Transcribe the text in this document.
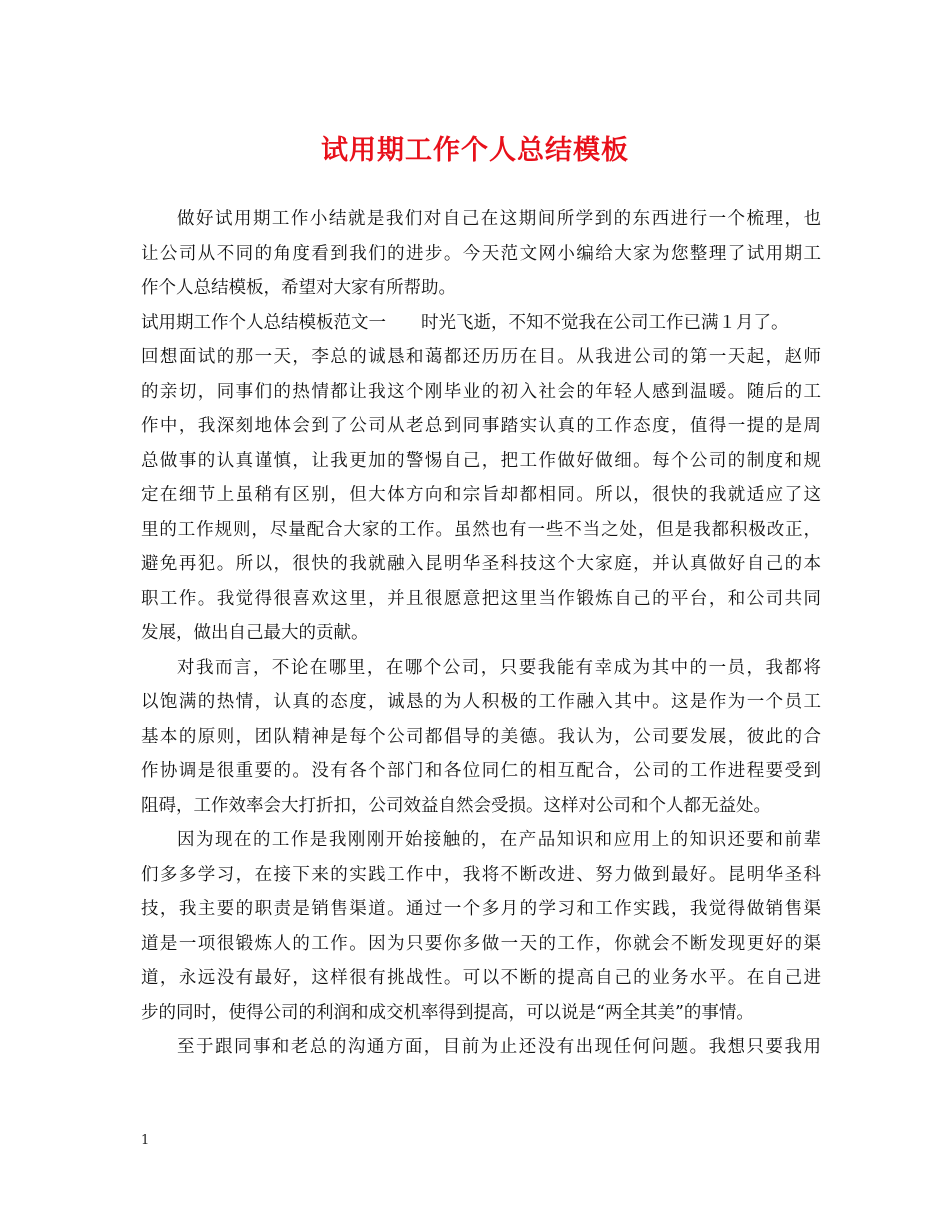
试用期工作个人总结模板
做好试用期工作小结就是我们对自己在这期间所学到的东西进行一个梳理，也
让公司从不同的角度看到我们的进步。今天范文网小编给大家为您整理了试用期工
作个人总结模板，希望对大家有所帮助。
试用期工作个人总结模板范文一　　时光飞逝，不知不觉我在公司工作已满１月了。
回想面试的那一天，李总的诚恳和蔼都还历历在目。从我进公司的第一天起，赵师
的亲切，同事们的热情都让我这个刚毕业的初入社会的年轻人感到温暖。随后的工
作中，我深刻地体会到了公司从老总到同事踏实认真的工作态度，值得一提的是周
总做事的认真谨慎，让我更加的警惕自己，把工作做好做细。每个公司的制度和规
定在细节上虽稍有区别，但大体方向和宗旨却都相同。所以，很快的我就适应了这
里的工作规则，尽量配合大家的工作。虽然也有一些不当之处，但是我都积极改正，
避免再犯。所以，很快的我就融入昆明华圣科技这个大家庭，并认真做好自己的本
职工作。我觉得很喜欢这里，并且很愿意把这里当作锻炼自己的平台，和公司共同
发展，做出自己最大的贡献。
对我而言，不论在哪里，在哪个公司，只要我能有幸成为其中的一员，我都将
以饱满的热情，认真的态度，诚恳的为人积极的工作融入其中。这是作为一个员工
基本的原则，团队精神是每个公司都倡导的美德。我认为，公司要发展，彼此的合
作协调是很重要的。没有各个部门和各位同仁的相互配合，公司的工作进程要受到
阻碍，工作效率会大打折扣，公司效益自然会受损。这样对公司和个人都无益处。
因为现在的工作是我刚刚开始接触的，在产品知识和应用上的知识还要和前辈
们多多学习，在接下来的实践工作中，我将不断改进、努力做到最好。昆明华圣科
技，我主要的职责是销售渠道。通过一个多月的学习和工作实践，我觉得做销售渠
道是一项很锻炼人的工作。因为只要你多做一天的工作，你就会不断发现更好的渠
道，永远没有最好，这样很有挑战性。可以不断的提高自己的业务水平。在自己进
步的同时，使得公司的利润和成交机率得到提高，可以说是“两全其美”的事情。
至于跟同事和老总的沟通方面，目前为止还没有出现任何问题。我想只要我用
1
